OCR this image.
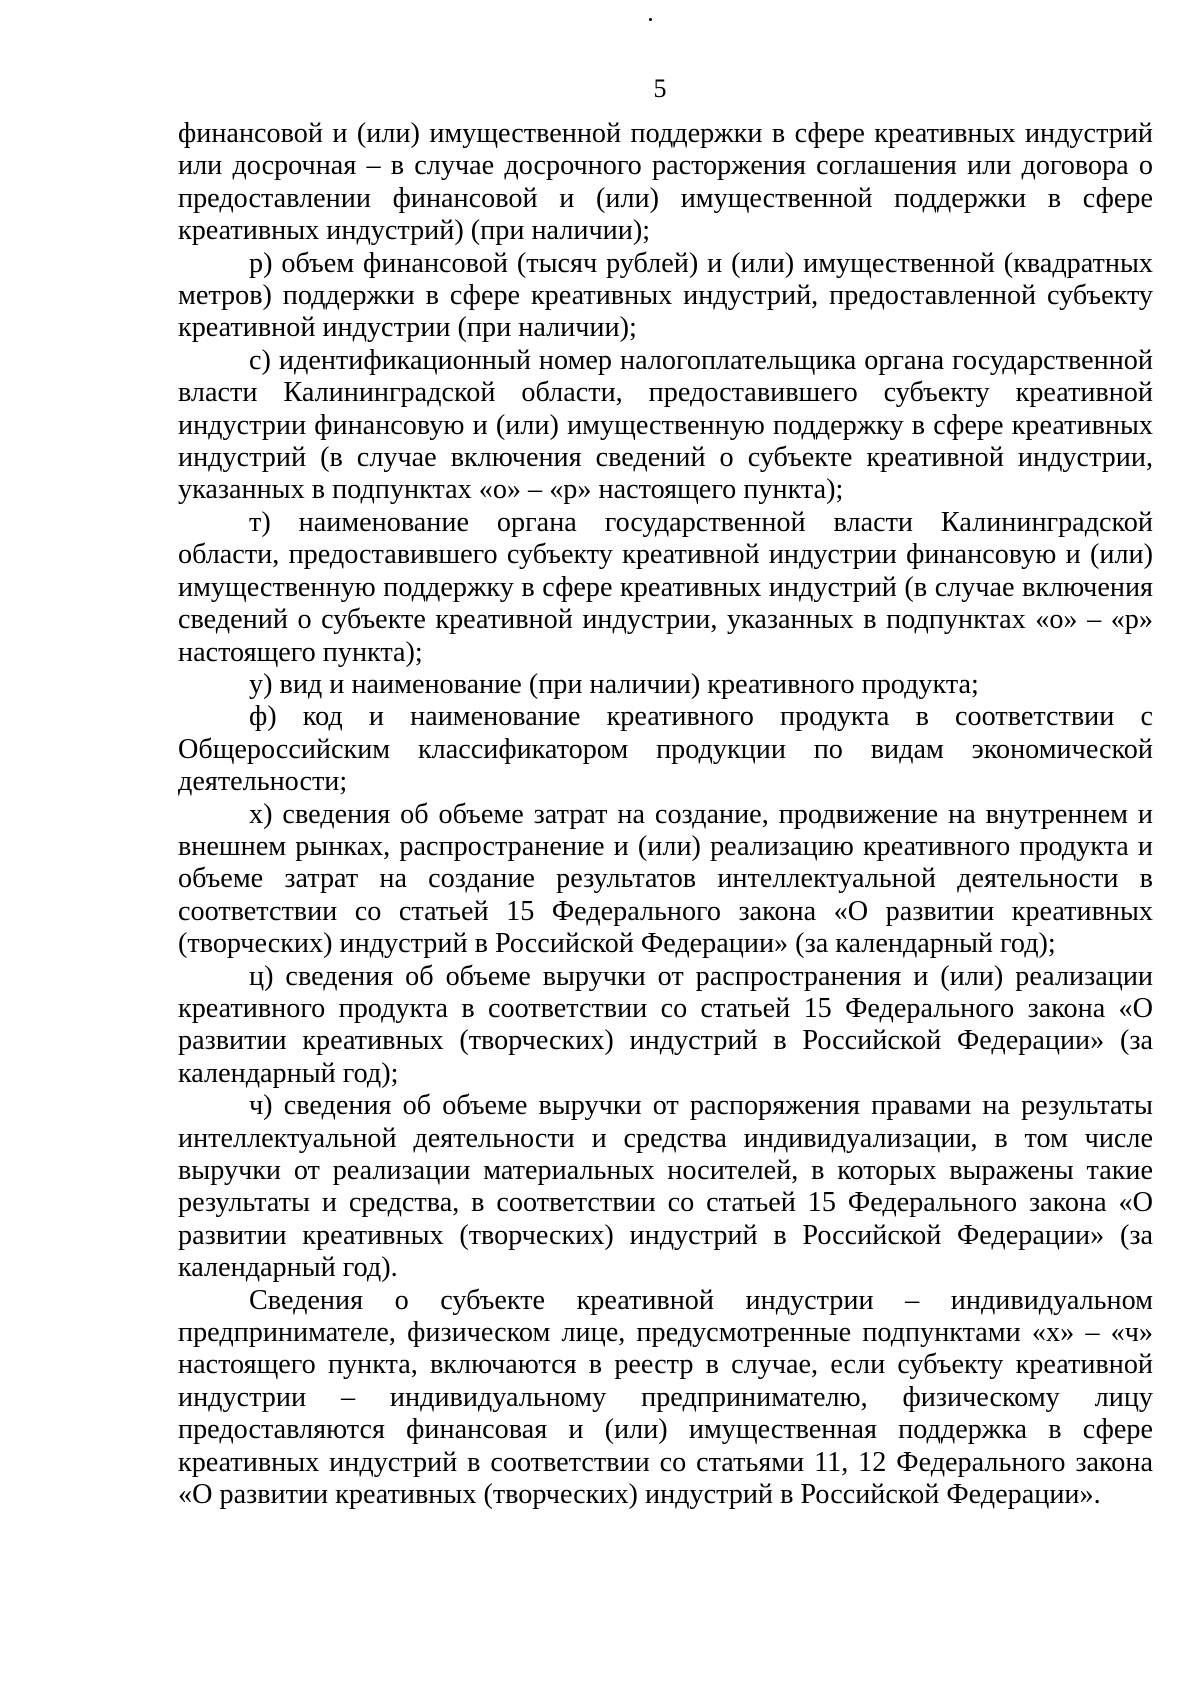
5

финансовой и (или) имущественной поддержки в сфере креативных индустрий или досрочная – в случае досрочного расторжения соглашения или договора о предоставлении финансовой и (или) имущественной поддержки в сфере креативных индустрий) (при наличии);

р) объем финансовой (тысяч рублей) и (или) имущественной (квадратных метров) поддержки в сфере креативных индустрий, предоставленной субъекту креативной индустрии (при наличии);

с) идентификационный номер налогоплательщика органа государственной власти Калининградской области, предоставившего субъекту креативной индустрии финансовую и (или) имущественную поддержку в сфере креативных индустрий (в случае включения сведений о субъекте креативной индустрии, указанных в подпунктах «о» – «р» настоящего пункта);

т) наименование органа государственной власти Калининградской области, предоставившего субъекту креативной индустрии финансовую и (или) имущественную поддержку в сфере креативных индустрий (в случае включения сведений о субъекте креативной индустрии, указанных в подпунктах «о» – «р» настоящего пункта);

у) вид и наименование (при наличии) креативного продукта;

ф) код и наименование креативного продукта в соответствии с Общероссийским классификатором продукции по видам экономической деятельности;

х) сведения об объеме затрат на создание, продвижение на внутреннем и внешнем рынках, распространение и (или) реализацию креативного продукта и объеме затрат на создание результатов интеллектуальной деятельности в соответствии со статьей 15 Федерального закона «О развитии креативных (творческих) индустрий в Российской Федерации» (за календарный год);

ц) сведения об объеме выручки от распространения и (или) реализации креативного продукта в соответствии со статьей 15 Федерального закона «О развитии креативных (творческих) индустрий в Российской Федерации» (за календарный год);

ч) сведения об объеме выручки от распоряжения правами на результаты интеллектуальной деятельности и средства индивидуализации, в том числе выручки от реализации материальных носителей, в которых выражены такие результаты и средства, в соответствии со статьей 15 Федерального закона «О развитии креативных (творческих) индустрий в Российской Федерации» (за календарный год).

Сведения о субъекте креативной индустрии – индивидуальном предпринимателе, физическом лице, предусмотренные подпунктами «х» – «ч» настоящего пункта, включаются в реестр в случае, если субъекту креативной индустрии – индивидуальному предпринимателю, физическому лицу предоставляются финансовая и (или) имущественная поддержка в сфере креативных индустрий в соответствии со статьями 11, 12 Федерального закона «О развитии креативных (творческих) индустрий в Российской Федерации».
